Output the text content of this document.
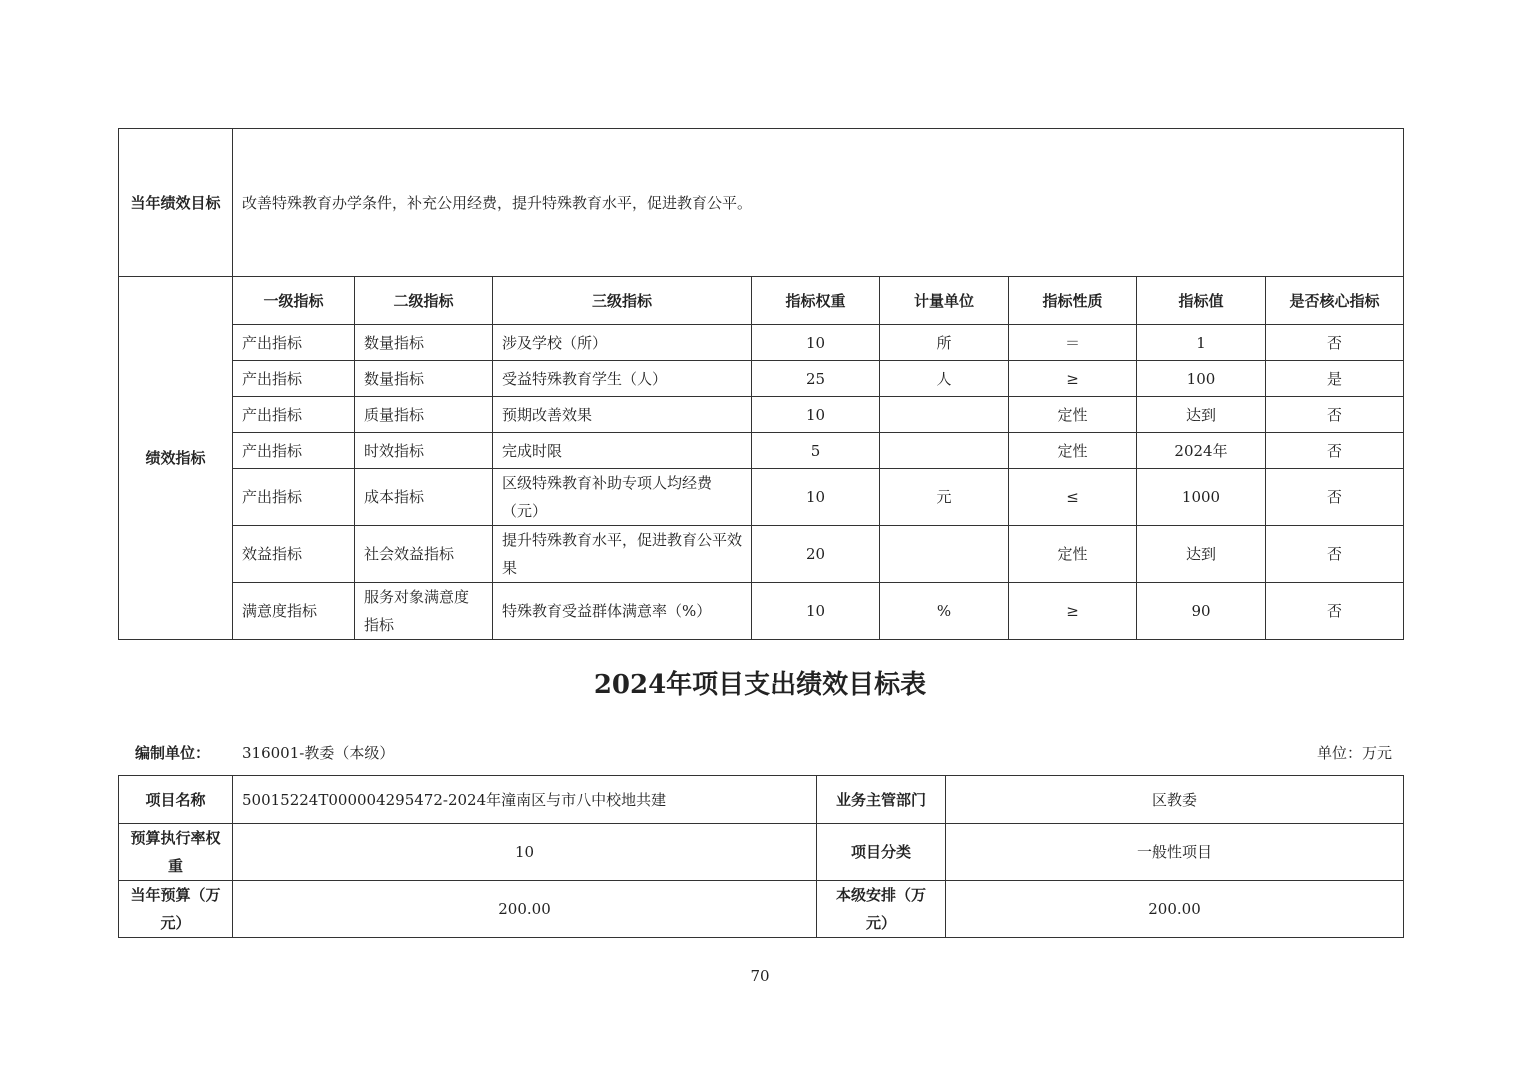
当年绩效目标	改善特殊教育办学条件，补充公用经费，提升特殊教育水平，促进教育公平。							
绩效指标	一级指标	二级指标	三级指标	指标权重	计量单位	指标性质	指标值	是否核心指标
	产出指标	数量指标	涉及学校（所）	10	所	＝	1	否
	产出指标	数量指标	受益特殊教育学生（人）	25	人	≥	100	是
	产出指标	质量指标	预期改善效果	10		定性	达到	否
	产出指标	时效指标	完成时限	5		定性	2024年	否
	产出指标	成本指标	区级特殊教育补助专项人均经费（元）	10	元	≤	1000	否
	效益指标	社会效益指标	提升特殊教育水平，促进教育公平效果	20		定性	达到	否
	满意度指标	服务对象满意度指标	特殊教育受益群体满意率（%）	10	%	≥	90	否
2024年项目支出绩效目标表
编制单位： 316001-教委（本级）	单位：万元
项目名称	50015224T000004295472-2024年潼南区与市八中校地共建	业务主管部门	区教委
预算执行率权重	10	项目分类	一般性项目
当年预算（万元）	200.00	本级安排（万元）	200.00
70
